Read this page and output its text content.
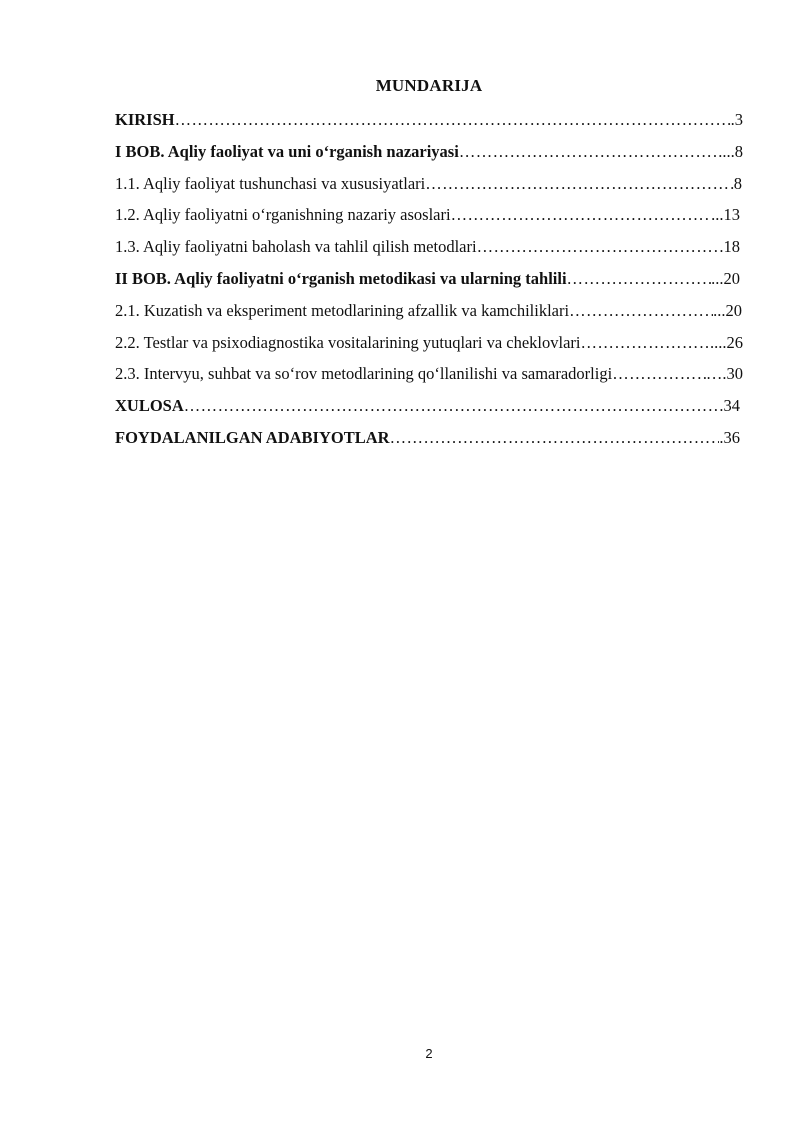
MUNDARIJA
KIRISH ……………………………………………………………………………………………………………………………………………………………………	.3
I BOB. Aqliy faoliyat va uni o‘rganish nazariyasi ……………………………………………………………………………………………………………………………………………………………………	....8
1.1. Aqliy faoliyat tushunchasi va xususiyatlari ……………………………………………………………………………………………………………………………………………………………………	8
1.2. Aqliy faoliyatni o‘rganishning nazariy asoslari ……………………………………………………………………………………………………………………………………………………………………	...13
1.3. Aqliy faoliyatni baholash va tahlil qilish metodlari ……………………………………………………………………………………………………………………………………………………………………	.18
II BOB. Aqliy faoliyatni o‘rganish metodikasi va ularning tahlili ……………………………………………………………………………………………………………………………………………………………………	...20
2.1. Kuzatish va eksperiment metodlarining afzallik va kamchiliklari ……………………………………………………………………………………………………………………………………………………………………	...20
2.2. Testlar va psixodiagnostika vositalarining yutuqlari va cheklovlari ……………………………………………………………………………………………………………………………………………………………………	....26
2.3. Intervyu, suhbat va so‘rov metodlarining qo‘llanilishi va samaradorligi ……………………………………………………………………………………………………………………………………………………………………	….30
XULOSA ……………………………………………………………………………………………………………………………………………………………………	34
FOYDALANILGAN ADABIYOTLAR ……………………………………………………………………………………………………………………………………………………………………	.36
2
